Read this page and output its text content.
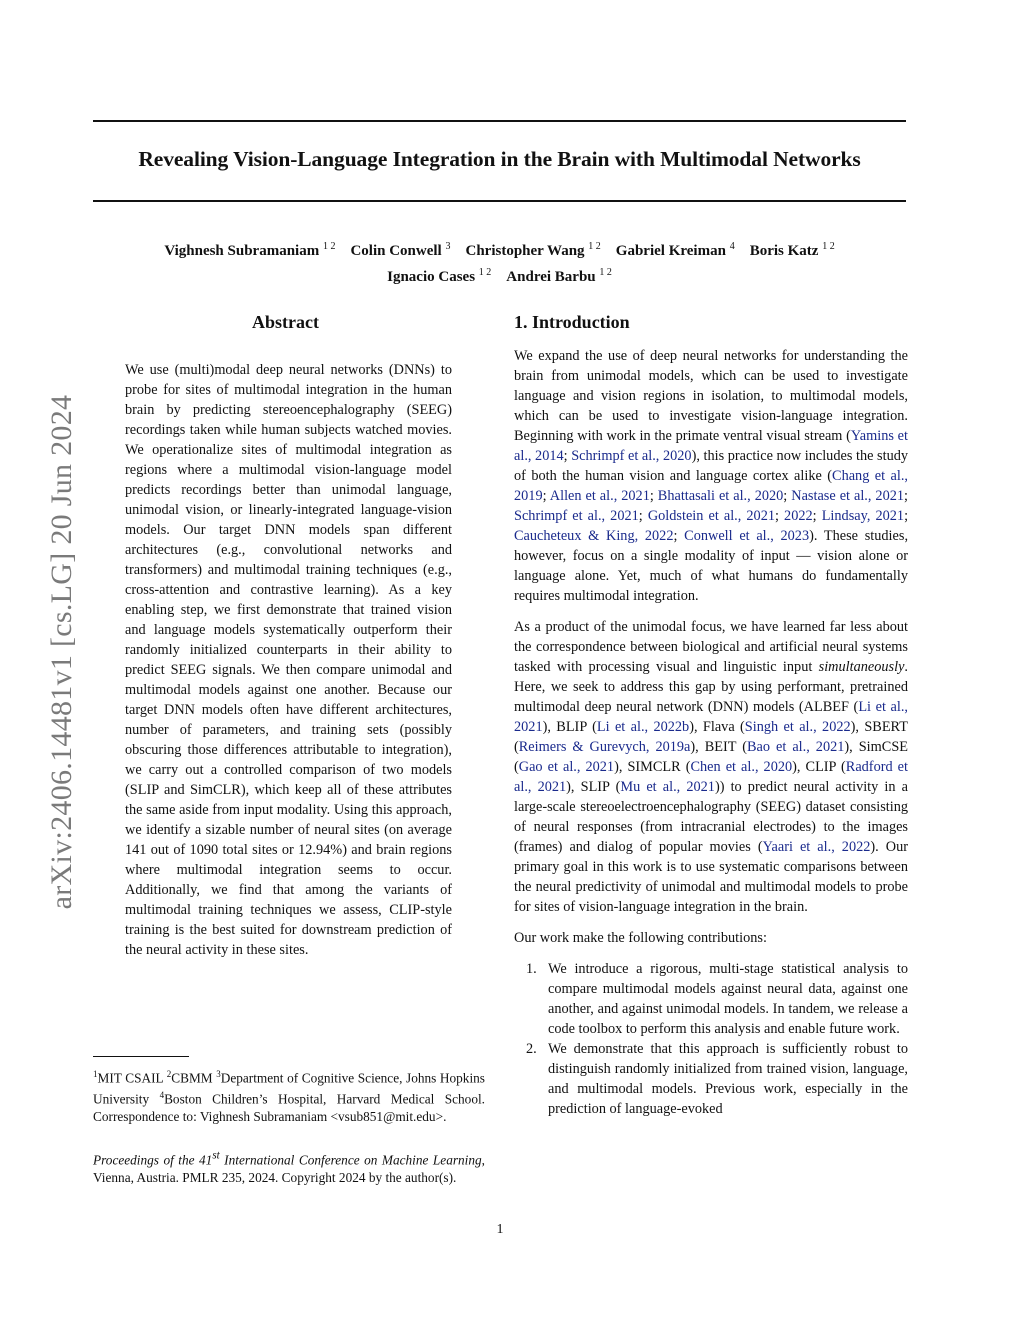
Revealing Vision-Language Integration in the Brain with Multimodal Networks
Vighnesh Subramaniam $^{1 2}$  Colin Conwell $^3$  Christopher Wang $^{1 2}$  Gabriel Kreiman $^4$  Boris Katz $^{1 2}$
Ignacio Cases $^{1 2}$  Andrei Barbu $^{1 2}$
arXiv:2406.14481v1 [cs.LG] 20 Jun 2024
Abstract
We use (multi)modal deep neural networks (DNNs) to probe for sites of multimodal integration in the human brain by predicting stereoencephalography (SEEG) recordings taken while human subjects watched movies. We operationalize sites of multimodal integration as regions where a multimodal vision-language model predicts recordings better than unimodal language, unimodal vision, or linearly-integrated language-vision models. Our target DNN models span different architectures (e.g., convolutional networks and transformers) and multimodal training techniques (e.g., cross-attention and contrastive learning). As a key enabling step, we first demonstrate that trained vision and language models systematically outperform their randomly initialized counterparts in their ability to predict SEEG signals. We then compare unimodal and multimodal models against one another. Because our target DNN models often have different architectures, number of parameters, and training sets (possibly obscuring those differences attributable to integration), we carry out a controlled comparison of two models (SLIP and SimCLR), which keep all of these attributes the same aside from input modality. Using this approach, we identify a sizable number of neural sites (on average 141 out of 1090 total sites or 12.94%) and brain regions where multimodal integration seems to occur. Additionally, we find that among the variants of multimodal training techniques we assess, CLIP-style training is the best suited for downstream prediction of the neural activity in these sites.
1. Introduction

We expand the use of deep neural networks for understanding the brain from unimodal models, which can be used to investigate language and vision regions in isolation, to multimodal models, which can be used to investigate vision-language integration. Beginning with work in the primate ventral visual stream (Yamins et al., 2014; Schrimpf et al., 2020), this practice now includes the study of both the human vision and language cortex alike (Chang et al., 2019; Allen et al., 2021; Bhattasali et al., 2020; Nastase et al., 2021; Schrimpf et al., 2021; Goldstein et al., 2021; 2022; Lindsay, 2021; Caucheteux & King, 2022; Conwell et al., 2023). These studies, however, focus on a single modality of input — vision alone or language alone. Yet, much of what humans do fundamentally requires multimodal integration.

As a product of the unimodal focus, we have learned far less about the correspondence between biological and artificial neural systems tasked with processing visual and linguistic input simultaneously. Here, we seek to address this gap by using performant, pretrained multimodal deep neural network (DNN) models (ALBEF (Li et al., 2021), BLIP (Li et al., 2022b), Flava (Singh et al., 2022), SBERT (Reimers & Gurevych, 2019a), BEIT (Bao et al., 2021), SimCSE (Gao et al., 2021), SIMCLR (Chen et al., 2020), CLIP (Radford et al., 2021), SLIP (Mu et al., 2021)) to predict neural activity in a large-scale stereoelectroencephalography (SEEG) dataset consisting of neural responses (from intracranial electrodes) to the images (frames) and dialog of popular movies (Yaari et al., 2022). Our primary goal in this work is to use systematic comparisons between the neural predictivity of unimodal and multimodal models to probe for sites of vision-language integration in the brain.

Our work make the following contributions:

1. We introduce a rigorous, multi-stage statistical analysis to compare multimodal models against neural data, against one another, and against unimodal models. In tandem, we release a code toolbox to perform this analysis and enable future work.
2. We demonstrate that this approach is sufficiently robust to distinguish randomly initialized from trained vision, language, and multimodal models. Previous work, especially in the prediction of language-evoked
$^1$MIT CSAIL $^2$CBMM $^3$Department of Cognitive Science, Johns Hopkins University $^4$Boston Children’s Hospital, Harvard Medical School. Correspondence to: Vighnesh Subramaniam <vsub851@mit.edu>.
Proceedings of the 41st International Conference on Machine Learning, Vienna, Austria. PMLR 235, 2024. Copyright 2024 by the author(s).
1
